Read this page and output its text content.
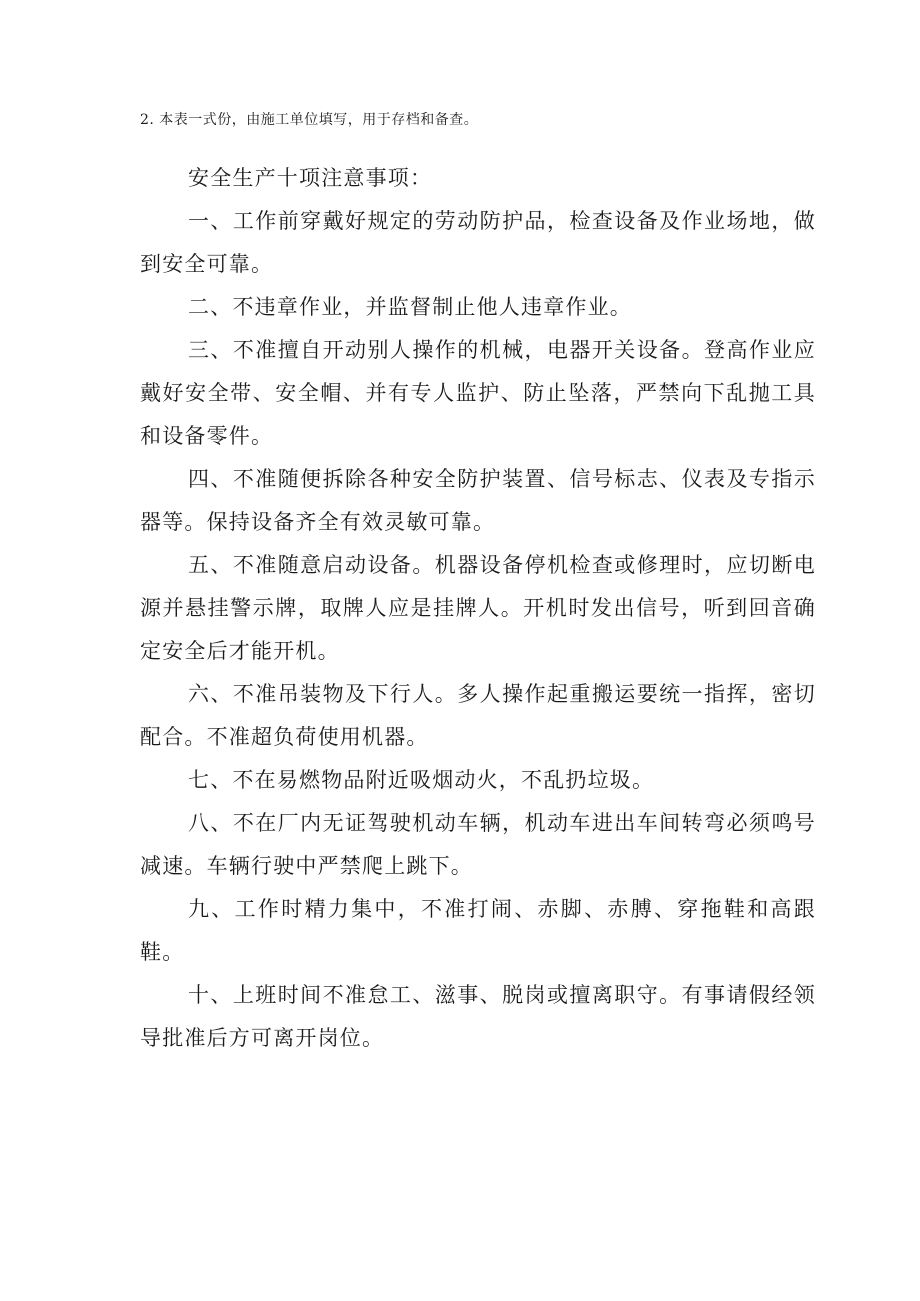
2. 本表一式份，由施工单位填写，用于存档和备查。

安全生产十项注意事项：

一、工作前穿戴好规定的劳动防护品，检查设备及作业场地，做到安全可靠。

二、不违章作业，并监督制止他人违章作业。

三、不准擅自开动别人操作的机械，电器开关设备。登高作业应戴好安全带、安全帽、并有专人监护、防止坠落，严禁向下乱抛工具和设备零件。

四、不准随便拆除各种安全防护装置、信号标志、仪表及专指示器等。保持设备齐全有效灵敏可靠。

五、不准随意启动设备。机器设备停机检查或修理时，应切断电源并悬挂警示牌，取牌人应是挂牌人。开机时发出信号，听到回音确定安全后才能开机。

六、不准吊装物及下行人。多人操作起重搬运要统一指挥，密切配合。不准超负荷使用机器。

七、不在易燃物品附近吸烟动火，不乱扔垃圾。

八、不在厂内无证驾驶机动车辆，机动车进出车间转弯必须鸣号减速。车辆行驶中严禁爬上跳下。

九、工作时精力集中，不准打闹、赤脚、赤膊、穿拖鞋和高跟鞋。

十、上班时间不准怠工、滋事、脱岗或擅离职守。有事请假经领导批准后方可离开岗位。
